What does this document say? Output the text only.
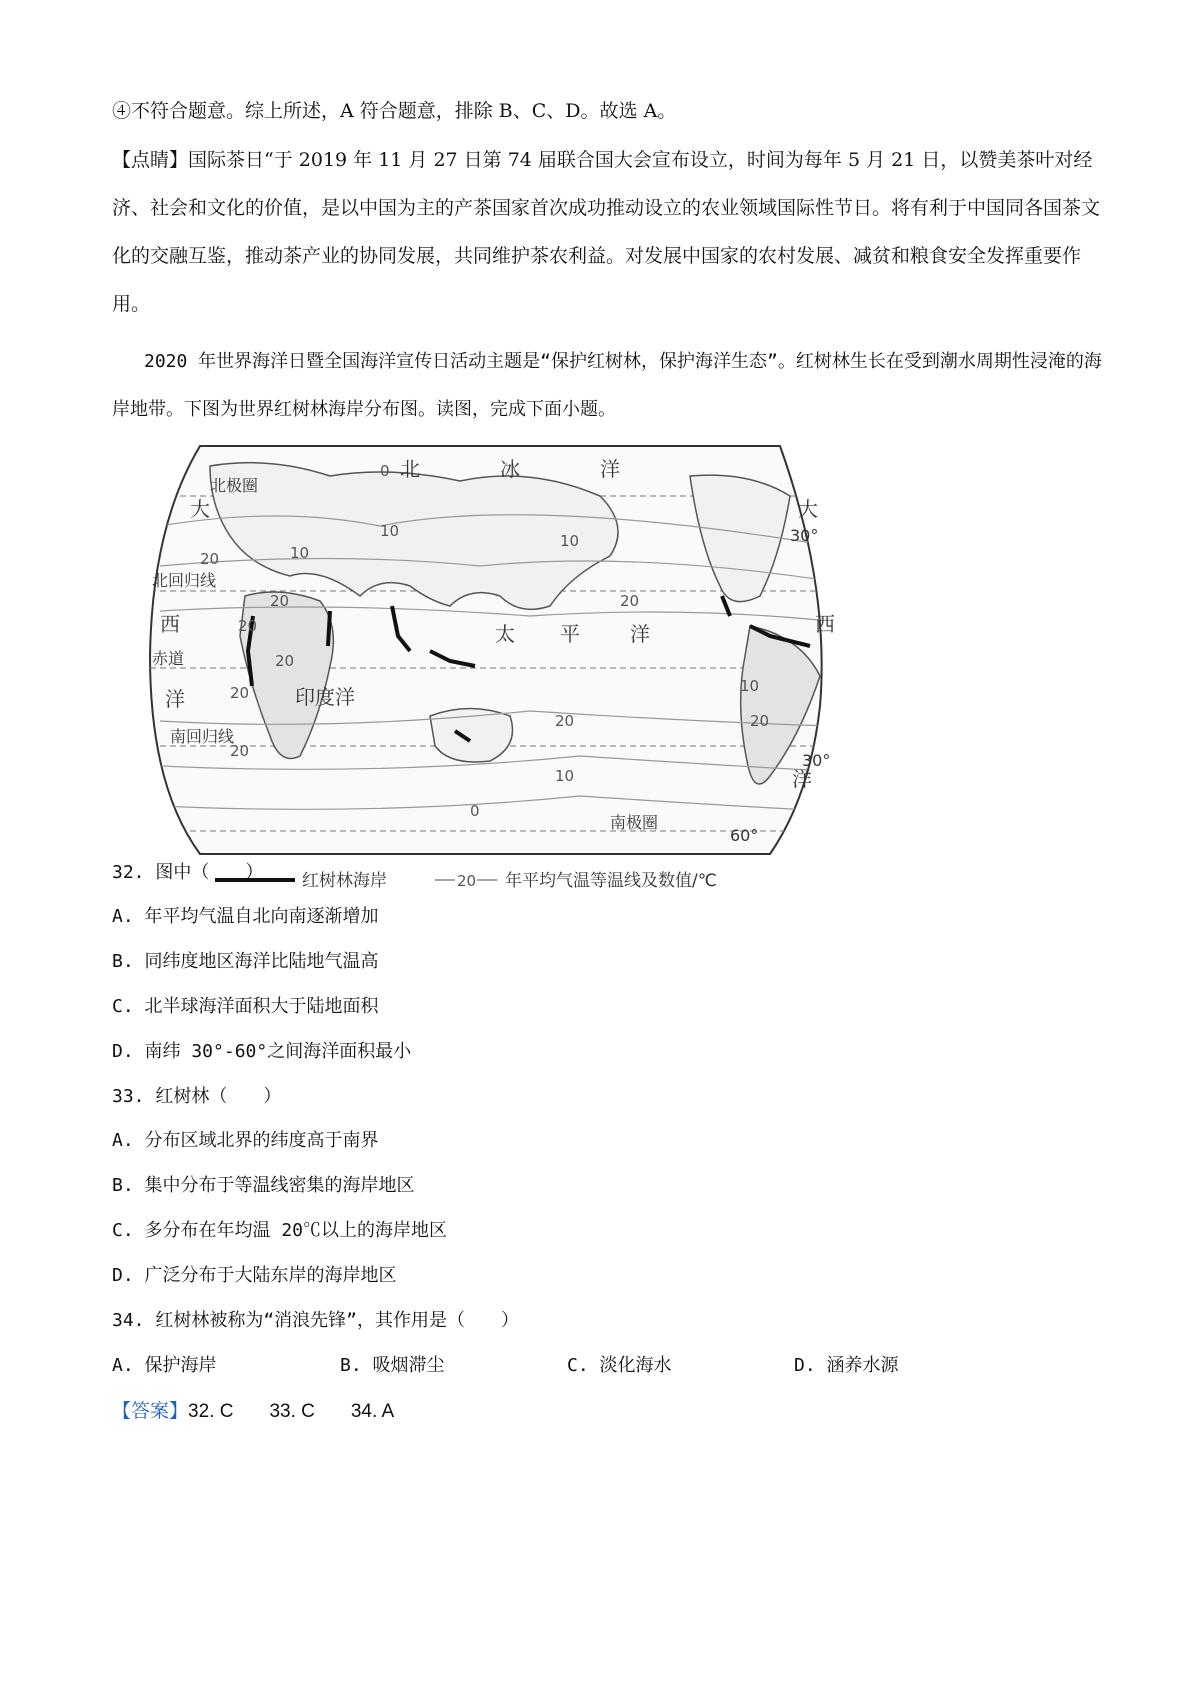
④不符合题意。综上所述，A 符合题意，排除 B、C、D。故选 A。
【点睛】国际茶日“于 2019 年 11 月 27 日第 74 届联合国大会宣布设立，时间为每年 5 月 21 日，以赞美茶叶对经济、社会和文化的价值，是以中国为主的产茶国家首次成功推动设立的农业领域国际性节日。将有利于中国同各国茶文化的交融互鉴，推动茶产业的协同发展，共同维护茶农利益。对发展中国家的农村发展、减贫和粮食安全发挥重要作用。
2020 年世界海洋日暨全国海洋宣传日活动主题是“保护红树林，保护海洋生态”。红树林生长在受到潮水周期性浸淹的海岸地带。下图为世界红树林海岸分布图。读图，完成下面小题。
北	冰	洋
太 平	洋
印度洋
大
西
洋
大
西
洋
北极圈
北回归线
赤道
南回归线
南极圈
30°
30°
60°
0
10
20
10
20
20
20
20
10
20
10
0
10
20
20
20
红树林海岸	20 年平均气温等温线及数值/℃
32. 图中（　　）
A. 年平均气温自北向南逐渐增加
B. 同纬度地区海洋比陆地气温高
C. 北半球海洋面积大于陆地面积
D. 南纬 30°-60°之间海洋面积最小
33. 红树林（　　）
A. 分布区域北界的纬度高于南界
B. 集中分布于等温线密集的海岸地区
C. 多分布在年均温 20℃以上的海岸地区
D. 广泛分布于大陆东岸的海岸地区
34. 红树林被称为“消浪先锋”，其作用是（　　）
A. 保护海岸	B. 吸烟滞尘	C. 淡化海水	D. 涵养水源
【答案】32. C 33. C 34. A
